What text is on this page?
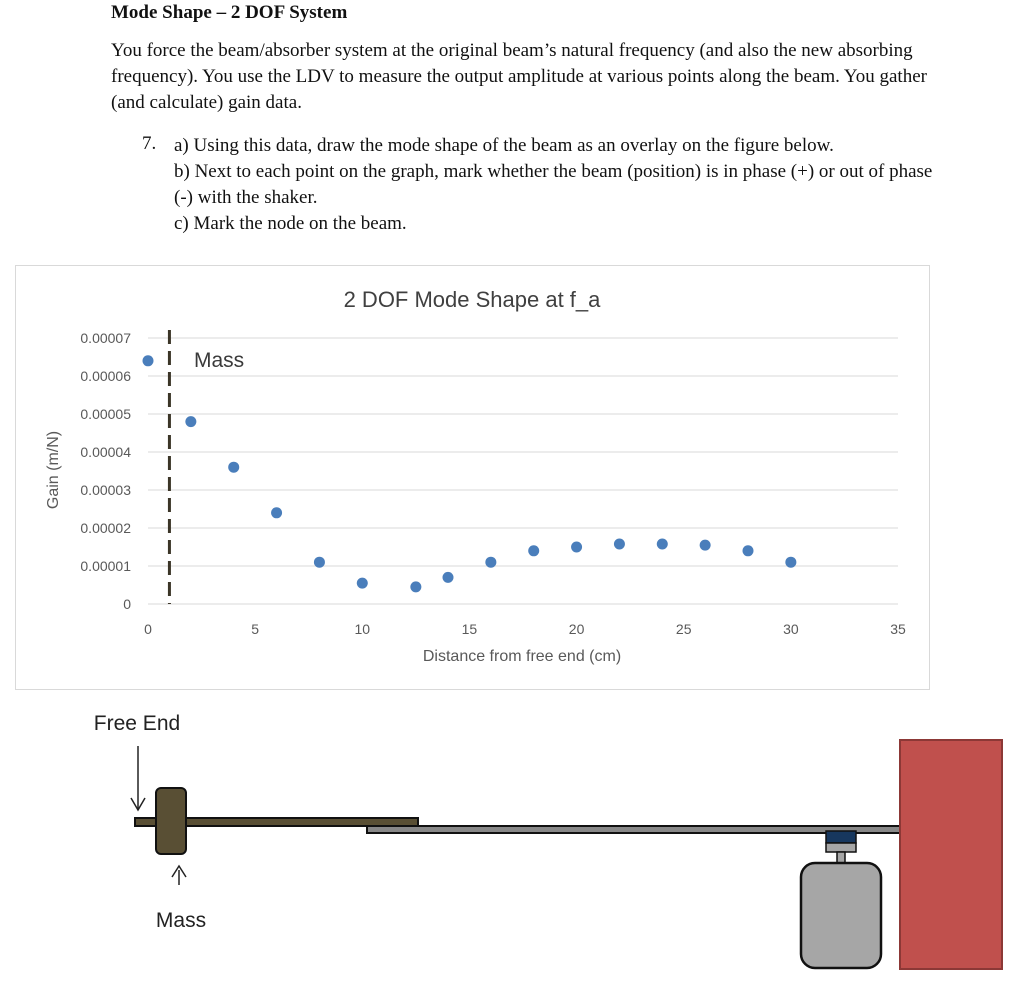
Mode Shape – 2 DOF System
You force the beam/absorber system at the original beam’s natural frequency (and also the new absorbing frequency). You use the LDV to measure the output amplitude at various points along the beam. You gather (and calculate) gain data.
7. a) Using this data, draw the mode shape of the beam as an overlay on the figure below.
b) Next to each point on the graph, mark whether the beam (position) is in phase (+) or out of phase (-) with the shaker.
c) Mark the node on the beam.
2 DOF Mode Shape at f_a
0
0.00001
0.00002
0.00003
0.00004
0.00005
0.00006
0.00007
0	5	10	15	20	25	30	35
Mass
Distance from free end (cm)
Gain (m/N)
Free End
Mass
